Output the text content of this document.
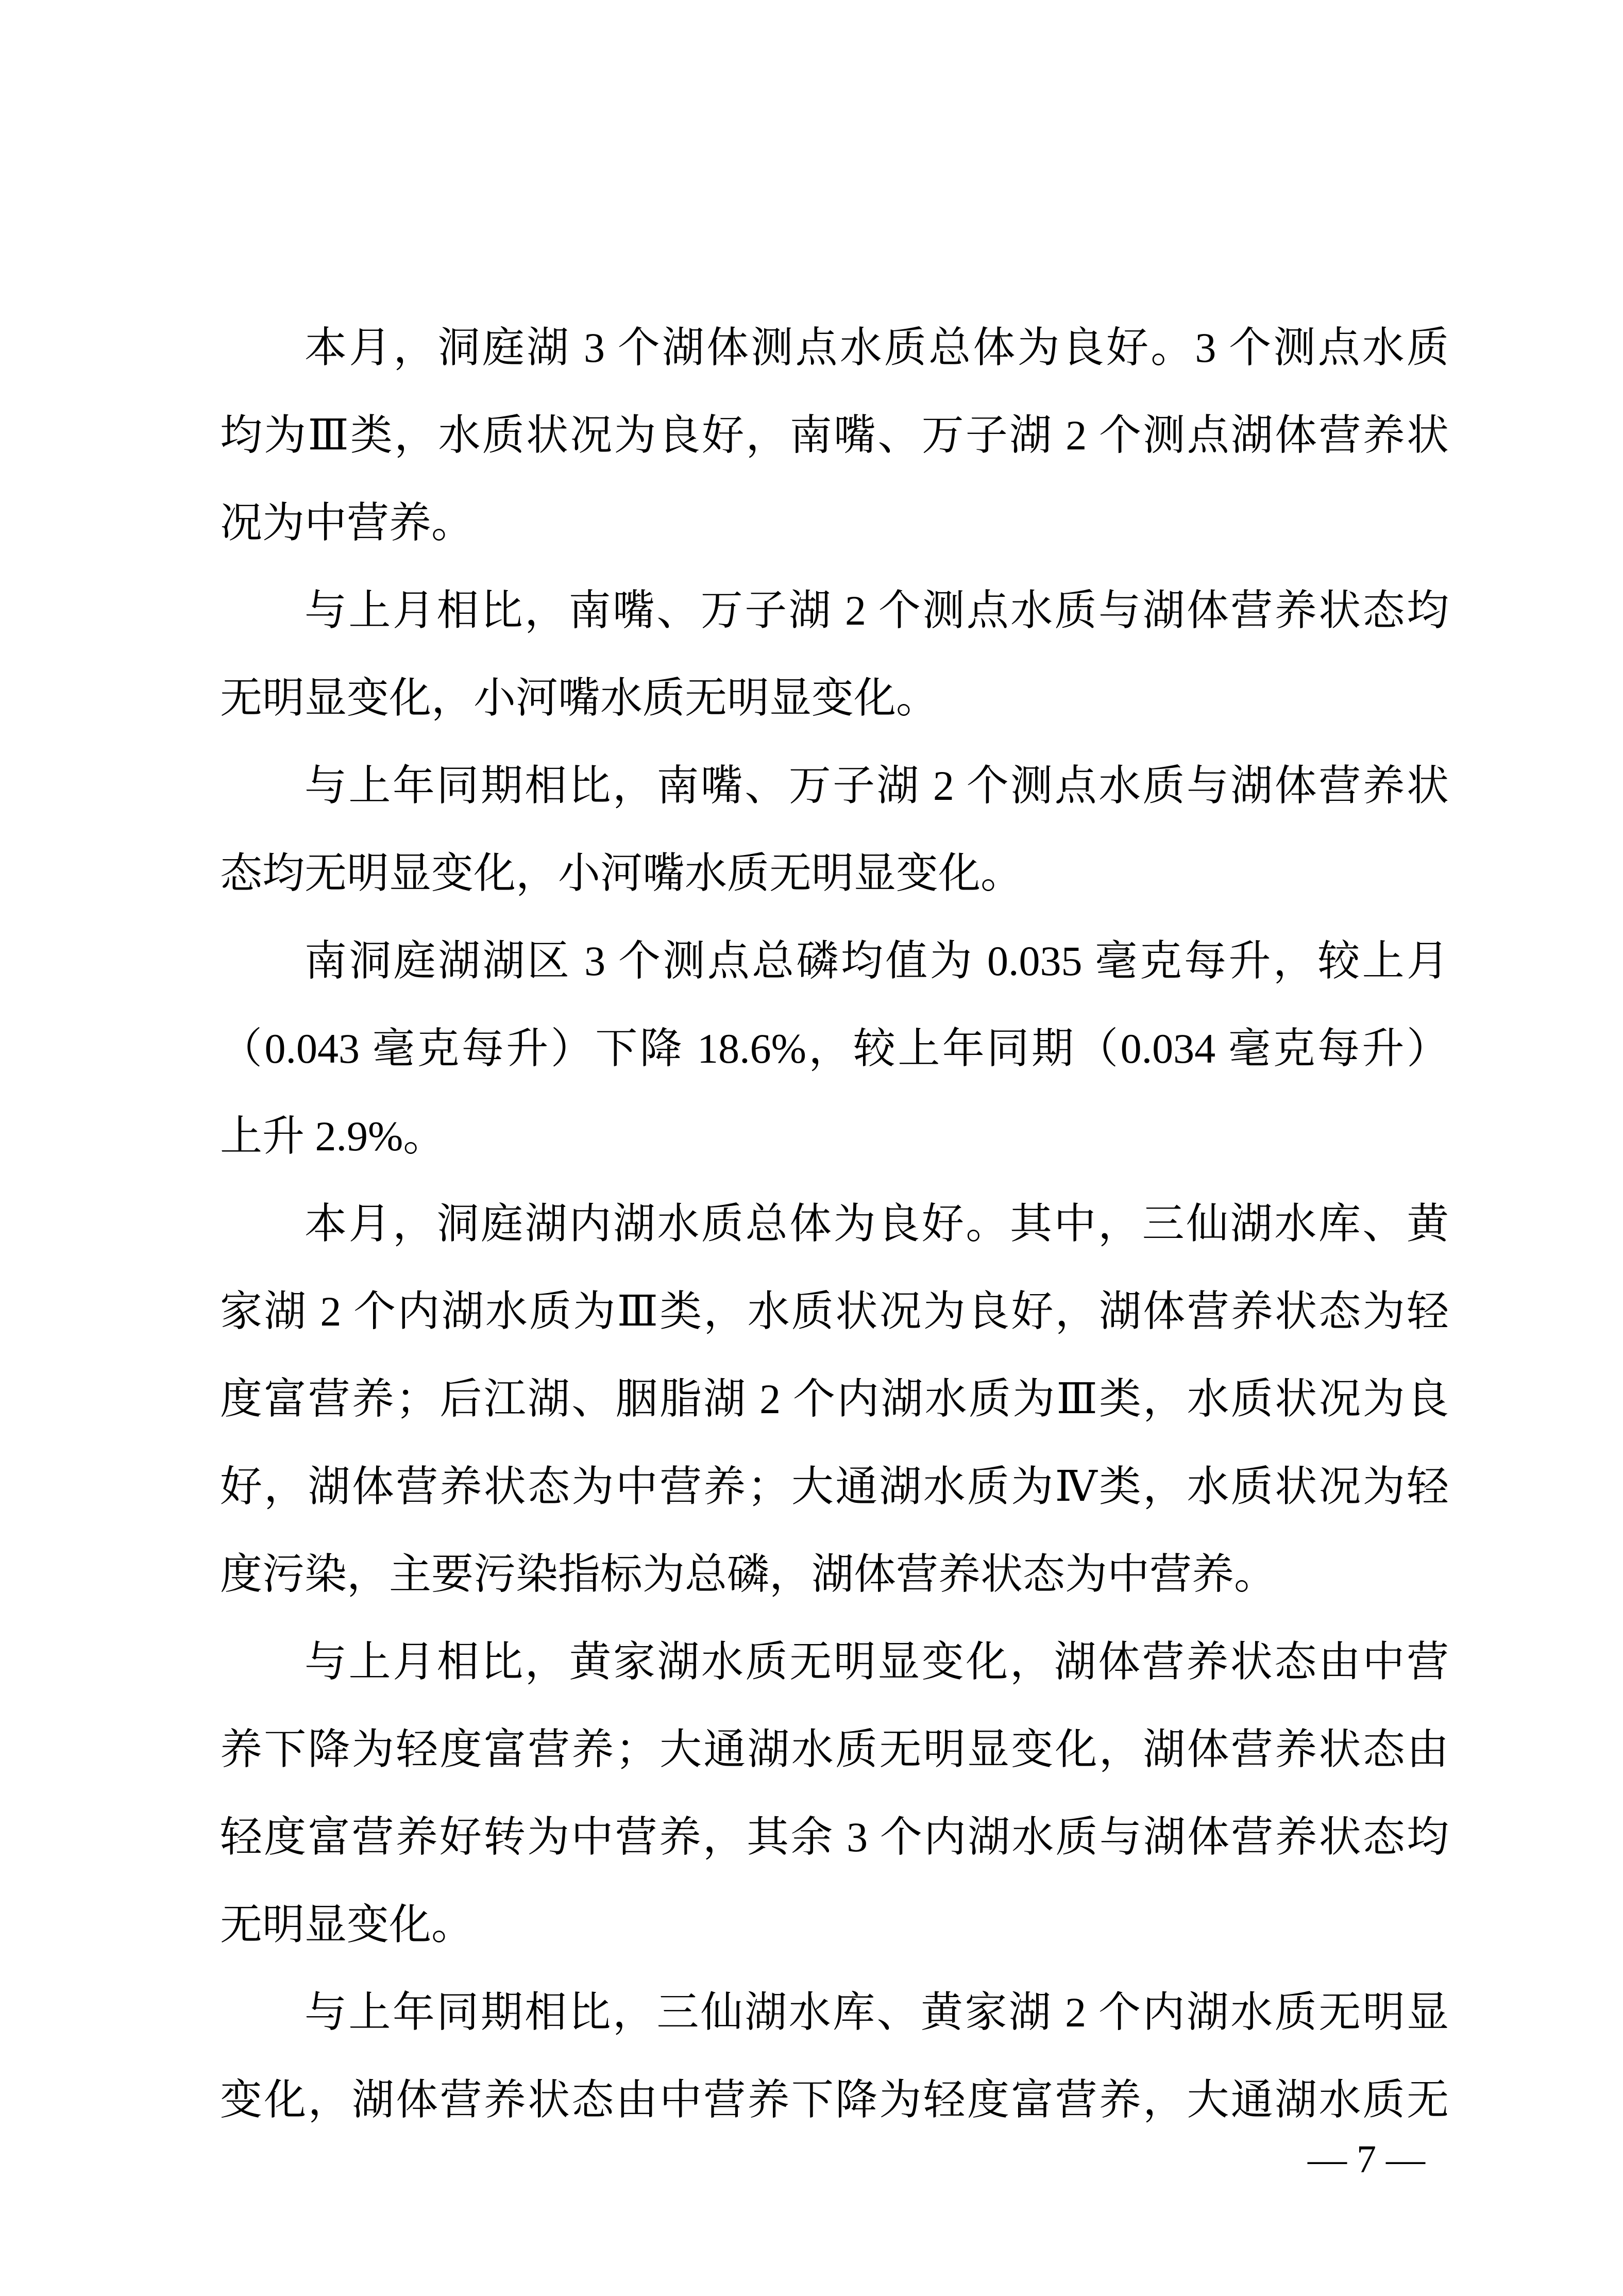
本月，洞庭湖 3 个湖体测点水质总体为良好。3 个测点水质
均为Ⅲ类，水质状况为良好，南嘴、万子湖 2 个测点湖体营养状
况为中营养。
与上月相比，南嘴、万子湖 2 个测点水质与湖体营养状态均
无明显变化，小河嘴水质无明显变化。
与上年同期相比，南嘴、万子湖 2 个测点水质与湖体营养状
态均无明显变化，小河嘴水质无明显变化。
南洞庭湖湖区 3 个测点总磷均值为 0.035 毫克每升，较上月
（0.043 毫克每升）下降 18.6%，较上年同期（0.034 毫克每升）
上升 2.9%。
本月，洞庭湖内湖水质总体为良好。其中，三仙湖水库、黄
家湖 2 个内湖水质为Ⅲ类，水质状况为良好，湖体营养状态为轻
度富营养；后江湖、胭脂湖 2 个内湖水质为Ⅲ类，水质状况为良
好，湖体营养状态为中营养；大通湖水质为Ⅳ类，水质状况为轻
度污染，主要污染指标为总磷，湖体营养状态为中营养。
与上月相比，黄家湖水质无明显变化，湖体营养状态由中营
养下降为轻度富营养；大通湖水质无明显变化，湖体营养状态由
轻度富营养好转为中营养，其余 3 个内湖水质与湖体营养状态均
无明显变化。
与上年同期相比，三仙湖水库、黄家湖 2 个内湖水质无明显
变化，湖体营养状态由中营养下降为轻度富营养，大通湖水质无
— 7 —
